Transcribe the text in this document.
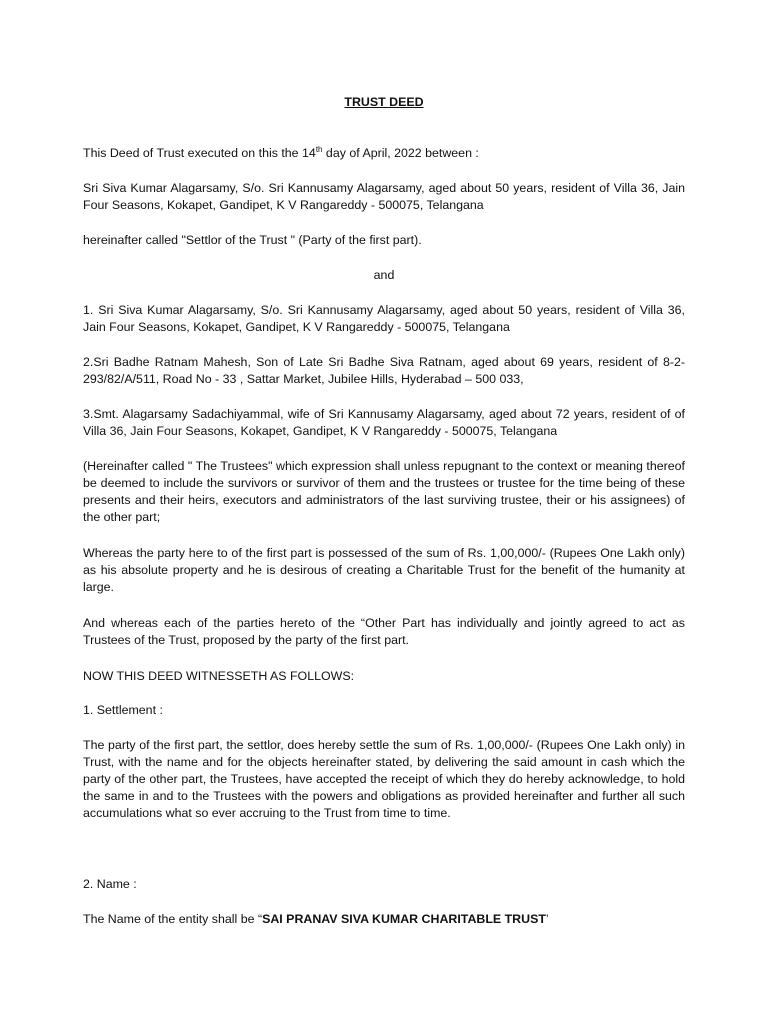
TRUST DEED

This Deed of Trust executed on this the 14th day of April, 2022 between :

Sri Siva Kumar Alagarsamy, S/o. Sri Kannusamy Alagarsamy, aged about 50 years, resident of Villa 36, Jain Four Seasons, Kokapet, Gandipet, K V Rangareddy - 500075, Telangana

hereinafter called "Settlor of the Trust " (Party of the first part).

and

1. Sri Siva Kumar Alagarsamy, S/o. Sri Kannusamy Alagarsamy, aged about 50 years, resident of Villa 36, Jain Four Seasons, Kokapet, Gandipet, K V Rangareddy - 500075, Telangana

2.Sri Badhe Ratnam Mahesh, Son of Late Sri Badhe Siva Ratnam, aged about 69 years, resident of 8-2-293/82/A/511, Road No - 33 , Sattar Market, Jubilee Hills, Hyderabad – 500 033,

3.Smt. Alagarsamy Sadachiyammal, wife of Sri Kannusamy Alagarsamy, aged about 72 years, resident of of Villa 36, Jain Four Seasons, Kokapet, Gandipet, K V Rangareddy - 500075, Telangana

(Hereinafter called " The Trustees" which expression shall unless repugnant to the context or meaning thereof be deemed to include the survivors or survivor of them and the trustees or trustee for the time being of these presents and their heirs, executors and administrators of the last surviving trustee, their or his assignees) of the other part;

Whereas the party here to of the first part is possessed of the sum of Rs. 1,00,000/- (Rupees One Lakh only) as his absolute property and he is desirous of creating a Charitable Trust for the benefit of the humanity at large.

And whereas each of the parties hereto of the “Other Part has individually and jointly agreed to act as Trustees of the Trust, proposed by the party of the first part.

NOW THIS DEED WITNESSETH AS FOLLOWS:

1. Settlement :

The party of the first part, the settlor, does hereby settle the sum of Rs. 1,00,000/- (Rupees One Lakh only) in Trust, with the name and for the objects hereinafter stated, by delivering the said amount in cash which the party of the other part, the Trustees, have accepted the receipt of which they do hereby acknowledge, to hold the same in and to the Trustees with the powers and obligations as provided hereinafter and further all such accumulations what so ever accruing to the Trust from time to time.

2. Name :

The Name of the entity shall be “SAI PRANAV SIVA KUMAR CHARITABLE TRUST’
